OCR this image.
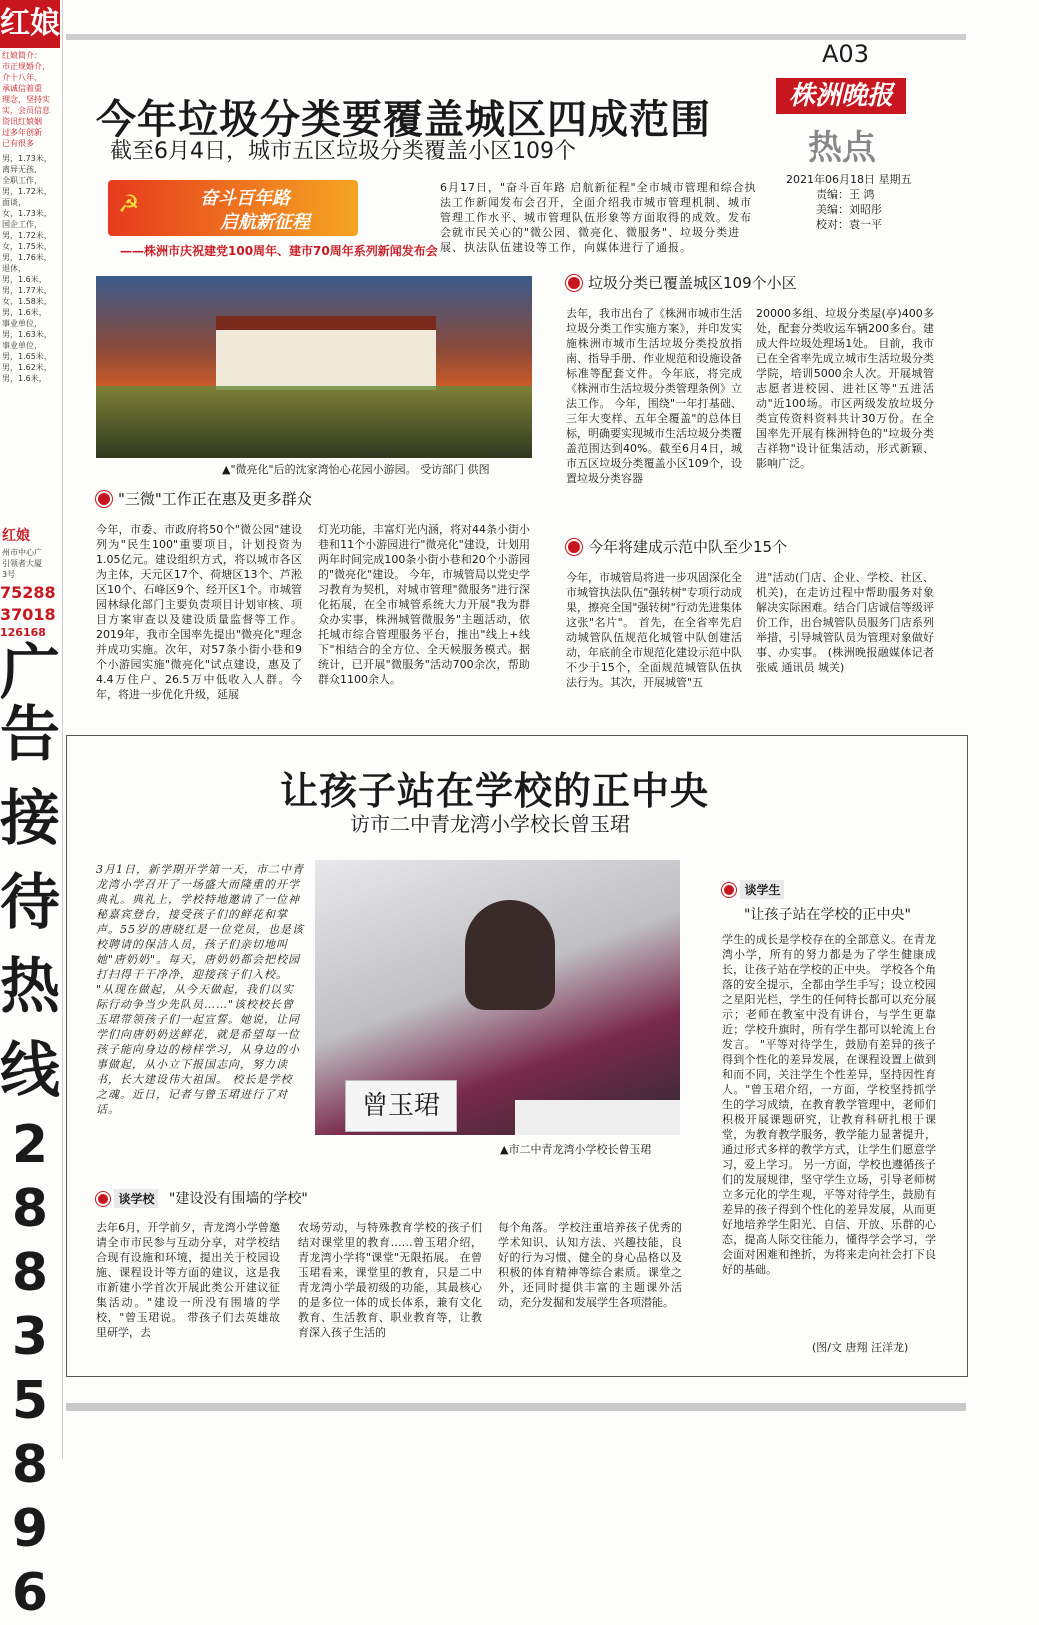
红娘
红娘简介：
市正规婚介，
介十八年，
承诚信着重
理念，坚持实
实，会员信息
资讯红娘姻
过多年创新
已有很多
男，1.73米，
离异无孩，
全职工作，
男，1.72米，
面谈，
女，1.73米，
国企工作，
男，1.72米，
女，1.75米，
男，1.76米，
退休，
男，1.6米，
男，1.77米，
女，1.58米，
男，1.6米，
事业单位，
男，1.63米，
事业单位，
男，1.65米，
男，1.62米，
男，1.6米，
红娘
州市中心广
引领者大厦
3号
75288
37018
126168
广
告
接
待
热
线
2
8
8
3
5
8
9
6
A03
株洲晚报
热点
2021年06月18日 星期五
责编：王 鸿
美编：刘昭彤
校对：袁一平
今年垃圾分类要覆盖城区四成范围
截至6月4日，城市五区垃圾分类覆盖小区109个
☭	奋斗百年路
启航新征程
——株洲市庆祝建党100周年、建市70周年系列新闻发布会
6月17日，"奋斗百年路 启航新征程"全市城市管理和综合执法工作新闻发布会召开，全面介绍我市城市管理机制、城市管理工作水平、城市管理队伍形象等方面取得的成效。发布会就市民关心的"微公园、微亮化、微服务"、垃圾分类进展、执法队伍建设等工作，向媒体进行了通报。
▲"微亮化"后的沈家湾怡心花园小游园。 受访部门 供图
"三微"工作正在惠及更多群众
今年，市委、市政府将50个"微公园"建设列为"民生100"重要项目，计划投资为1.05亿元。建设组织方式，将以城市各区为主体，天元区17个、荷塘区13个、芦淞区10个、石峰区9个、经开区1个。市城管园林绿化部门主要负责项目计划审核、项目方案审查以及建设质量监督等工作。 2019年，我市全国率先提出"微亮化"理念并成功实施。次年，对57条小街小巷和9个小游园实施"微亮化"试点建设，惠及了4.4万住户、26.5万中低收入人群。今年，将进一步优化升级，延展
灯光功能，丰富灯光内涵，将对44条小街小巷和11个小游园进行"微亮化"建设，计划用两年时间完成100条小街小巷和20个小游园的"微亮化"建设。 今年，市城管局以党史学习教育为契机，对城市管理"微服务"进行深化拓展，在全市城管系统大力开展"我为群众办实事，株洲城管微服务"主题活动，依托城市综合管理服务平台，推出"线上+线下"相结合的全方位、全天候服务模式。据统计，已开展"微服务"活动700余次，帮助群众1100余人。
垃圾分类已覆盖城区109个小区
去年，我市出台了《株洲市城市生活垃圾分类工作实施方案》，并印发实施株洲市城市生活垃圾分类投放指南、指导手册、作业规范和设施设备标准等配套文件。今年底，将完成《株洲市生活垃圾分类管理条例》立法工作。 今年，围绕"一年打基础、三年大变样、五年全覆盖"的总体目标，明确要实现城市生活垃圾分类覆盖范围达到40%。截至6月4日，城市五区垃圾分类覆盖小区109个，设置垃圾分类容器
20000多组、垃圾分类屋(亭)400多处，配套分类收运车辆200多台。建成大件垃圾处理场1处。 目前，我市已在全省率先成立城市生活垃圾分类学院，培训5000余人次。开展城管志愿者进校园、进社区等"五进活动"近100场。市区两级发放垃圾分类宣传资料资料共计30万份。在全国率先开展有株洲特色的"垃圾分类吉祥物"设计征集活动，形式新颖、影响广泛。
今年将建成示范中队至少15个
今年，市城管局将进一步巩固深化全市城管执法队伍"强转树"专项行动成果，擦亮全国"强转树"行动先进集体这张"名片"。 首先，在全省率先启动城管队伍规范化城管中队创建活动，年底前全市规范化建设示范中队不少于15个，全面规范城管队伍执法行为。其次，开展城管"五
进"活动(门店、企业、学校、社区、机关)，在走访过程中帮助服务对象解决实际困难。结合门店诚信等级评价工作，出台城管队员服务门店系列举措，引导城管队员为管理对象做好事、办实事。 (株洲晚报融媒体记者 张威 通讯员 城关)
让孩子站在学校的正中央
访市二中青龙湾小学校长曾玉珺
3月1日，新学期开学第一天，市二中青龙湾小学召开了一场盛大而隆重的开学典礼。典礼上，学校特地邀请了一位神秘嘉宾登台，接受孩子们的鲜花和掌声。55岁的唐晓红是一位党员，也是该校聘请的保洁人员，孩子们亲切地叫她"唐奶奶"。每天，唐奶奶都会把校园打扫得干干净净，迎接孩子们入校。 "从现在做起，从今天做起，我们以实际行动争当少先队员……"该校校长曾玉珺带领孩子们一起宣誓。她说，让同学们向唐奶奶送鲜花，就是希望每一位孩子能向身边的榜样学习，从身边的小事做起，从小立下报国志向，努力读书，长大建设伟大祖国。 校长是学校之魂。近日，记者与曾玉珺进行了对话。	曾玉珺
▲市二中青龙湾小学校长曾玉珺
谈学校 "建设没有围墙的学校"
去年6月，开学前夕，青龙湾小学曾邀请全市市民参与互动分享，对学校结合现有设施和环境，提出关于校园设施、课程设计等方面的建议，这是我市新建小学首次开展此类公开建议征集活动。"建设一所没有围墙的学校，"曾玉珺说。 带孩子们去英雄故里研学，去
农场劳动，与特殊教育学校的孩子们结对课堂里的教育……曾玉珺介绍，青龙湾小学将"课堂"无限拓展。 在曾玉珺看来，课堂里的教育，只是二中青龙湾小学最初级的功能，其最核心的是多位一体的成长体系，兼有文化教育、生活教育、职业教育等，让教育深入孩子生活的
每个角落。 学校注重培养孩子优秀的学术知识、认知方法、兴趣技能，良好的行为习惯、健全的身心品格以及积极的体育精神等综合素质。课堂之外，还同时提供丰富的主题课外活动，充分发掘和发展学生各项潜能。
谈学生
"让孩子站在学校的正中央"
学生的成长是学校存在的全部意义。在青龙湾小学，所有的努力都是为了学生健康成长，让孩子站在学校的正中央。 学校各个角落的安全提示，全都由学生手写；设立校园之星阳光栏，学生的任何特长都可以充分展示；老师在教室中没有讲台，与学生更靠近；学校升旗时，所有学生都可以轮流上台发言。 "平等对待学生，鼓励有差异的孩子得到个性化的差异发展，在课程设置上做到和而不同，关注学生个性差异，坚持因性育人。"曾玉珺介绍，一方面，学校坚持抓学生的学习成绩，在教育教学管理中，老师们积极开展课题研究，让教育科研扎根于课堂，为教育教学服务，教学能力显著提升，通过形式多样的教学方式，让学生们愿意学习，爱上学习。 另一方面，学校也遵循孩子们的发展规律，坚守学生立场，引导老师树立多元化的学生观，平等对待学生，鼓励有差异的孩子得到个性化的差异发展，从而更好地培养学生阳光、自信、开放、乐群的心态，提高人际交往能力，懂得学会学习，学会面对困难和挫折，为将来走向社会打下良好的基础。
(图/文 唐翔 汪洋龙)
